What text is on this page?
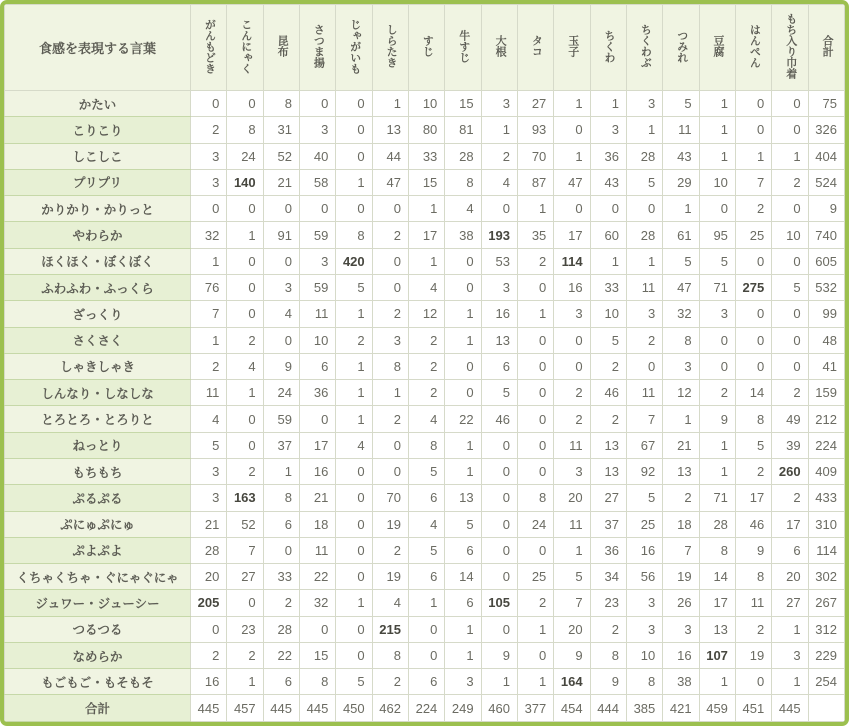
食感を表現する言葉	がんもどき	こんにゃく	昆布	さつま揚	じゃがいも	しらたき	すじ	牛すじ	大根	タコ	玉子	ちくわ	ちくわぶ	つみれ	豆腐	はんぺん	もち入り巾着	合計
かたい	0	0	8	0	0	1	10	15	3	27	1	1	3	5	1	0	0	75
こりこり	2	8	31	3	0	13	80	81	1	93	0	3	1	11	1	0	0	326
しこしこ	3	24	52	40	0	44	33	28	2	70	1	36	28	43	1	1	1	404
プリプリ	3	140	21	58	1	47	15	8	4	87	47	43	5	29	10	7	2	524
かりかり・かりっと	0	0	0	0	0	0	1	4	0	1	0	0	0	1	0	2	0	9
やわらか	32	1	91	59	8	2	17	38	193	35	17	60	28	61	95	25	10	740
ほくほく・ぼくぼく	1	0	0	3	420	0	1	0	53	2	114	1	1	5	5	0	0	605
ふわふわ・ふっくら	76	0	3	59	5	0	4	0	3	0	16	33	11	47	71	275	5	532
ざっくり	7	0	4	11	1	2	12	1	16	1	3	10	3	32	3	0	0	99
さくさく	1	2	0	10	2	3	2	1	13	0	0	5	2	8	0	0	0	48
しゃきしゃき	2	4	9	6	1	8	2	0	6	0	0	2	0	3	0	0	0	41
しんなり・しなしな	11	1	24	36	1	1	2	0	5	0	2	46	11	12	2	14	2	159
とろとろ・とろりと	4	0	59	0	1	2	4	22	46	0	2	2	7	1	9	8	49	212
ねっとり	5	0	37	17	4	0	8	1	0	0	11	13	67	21	1	5	39	224
もちもち	3	2	1	16	0	0	5	1	0	0	3	13	92	13	1	2	260	409
ぷるぷる	3	163	8	21	0	70	6	13	0	8	20	27	5	2	71	17	2	433
ぷにゅぷにゅ	21	52	6	18	0	19	4	5	0	24	11	37	25	18	28	46	17	310
ぷよぷよ	28	7	0	11	0	2	5	6	0	0	1	36	16	7	8	9	6	114
くちゃくちゃ・ぐにゃぐにゃ	20	27	33	22	0	19	6	14	0	25	5	34	56	19	14	8	20	302
ジュワー・ジューシー	205	0	2	32	1	4	1	6	105	2	7	23	3	26	17	11	27	267
つるつる	0	23	28	0	0	215	0	1	0	1	20	2	3	3	13	2	1	312
なめらか	2	2	22	15	0	8	0	1	9	0	9	8	10	16	107	19	3	229
もごもご・もそもそ	16	1	6	8	5	2	6	3	1	1	164	9	8	38	1	0	1	254
合計	445	457	445	445	450	462	224	249	460	377	454	444	385	421	459	451	445	
